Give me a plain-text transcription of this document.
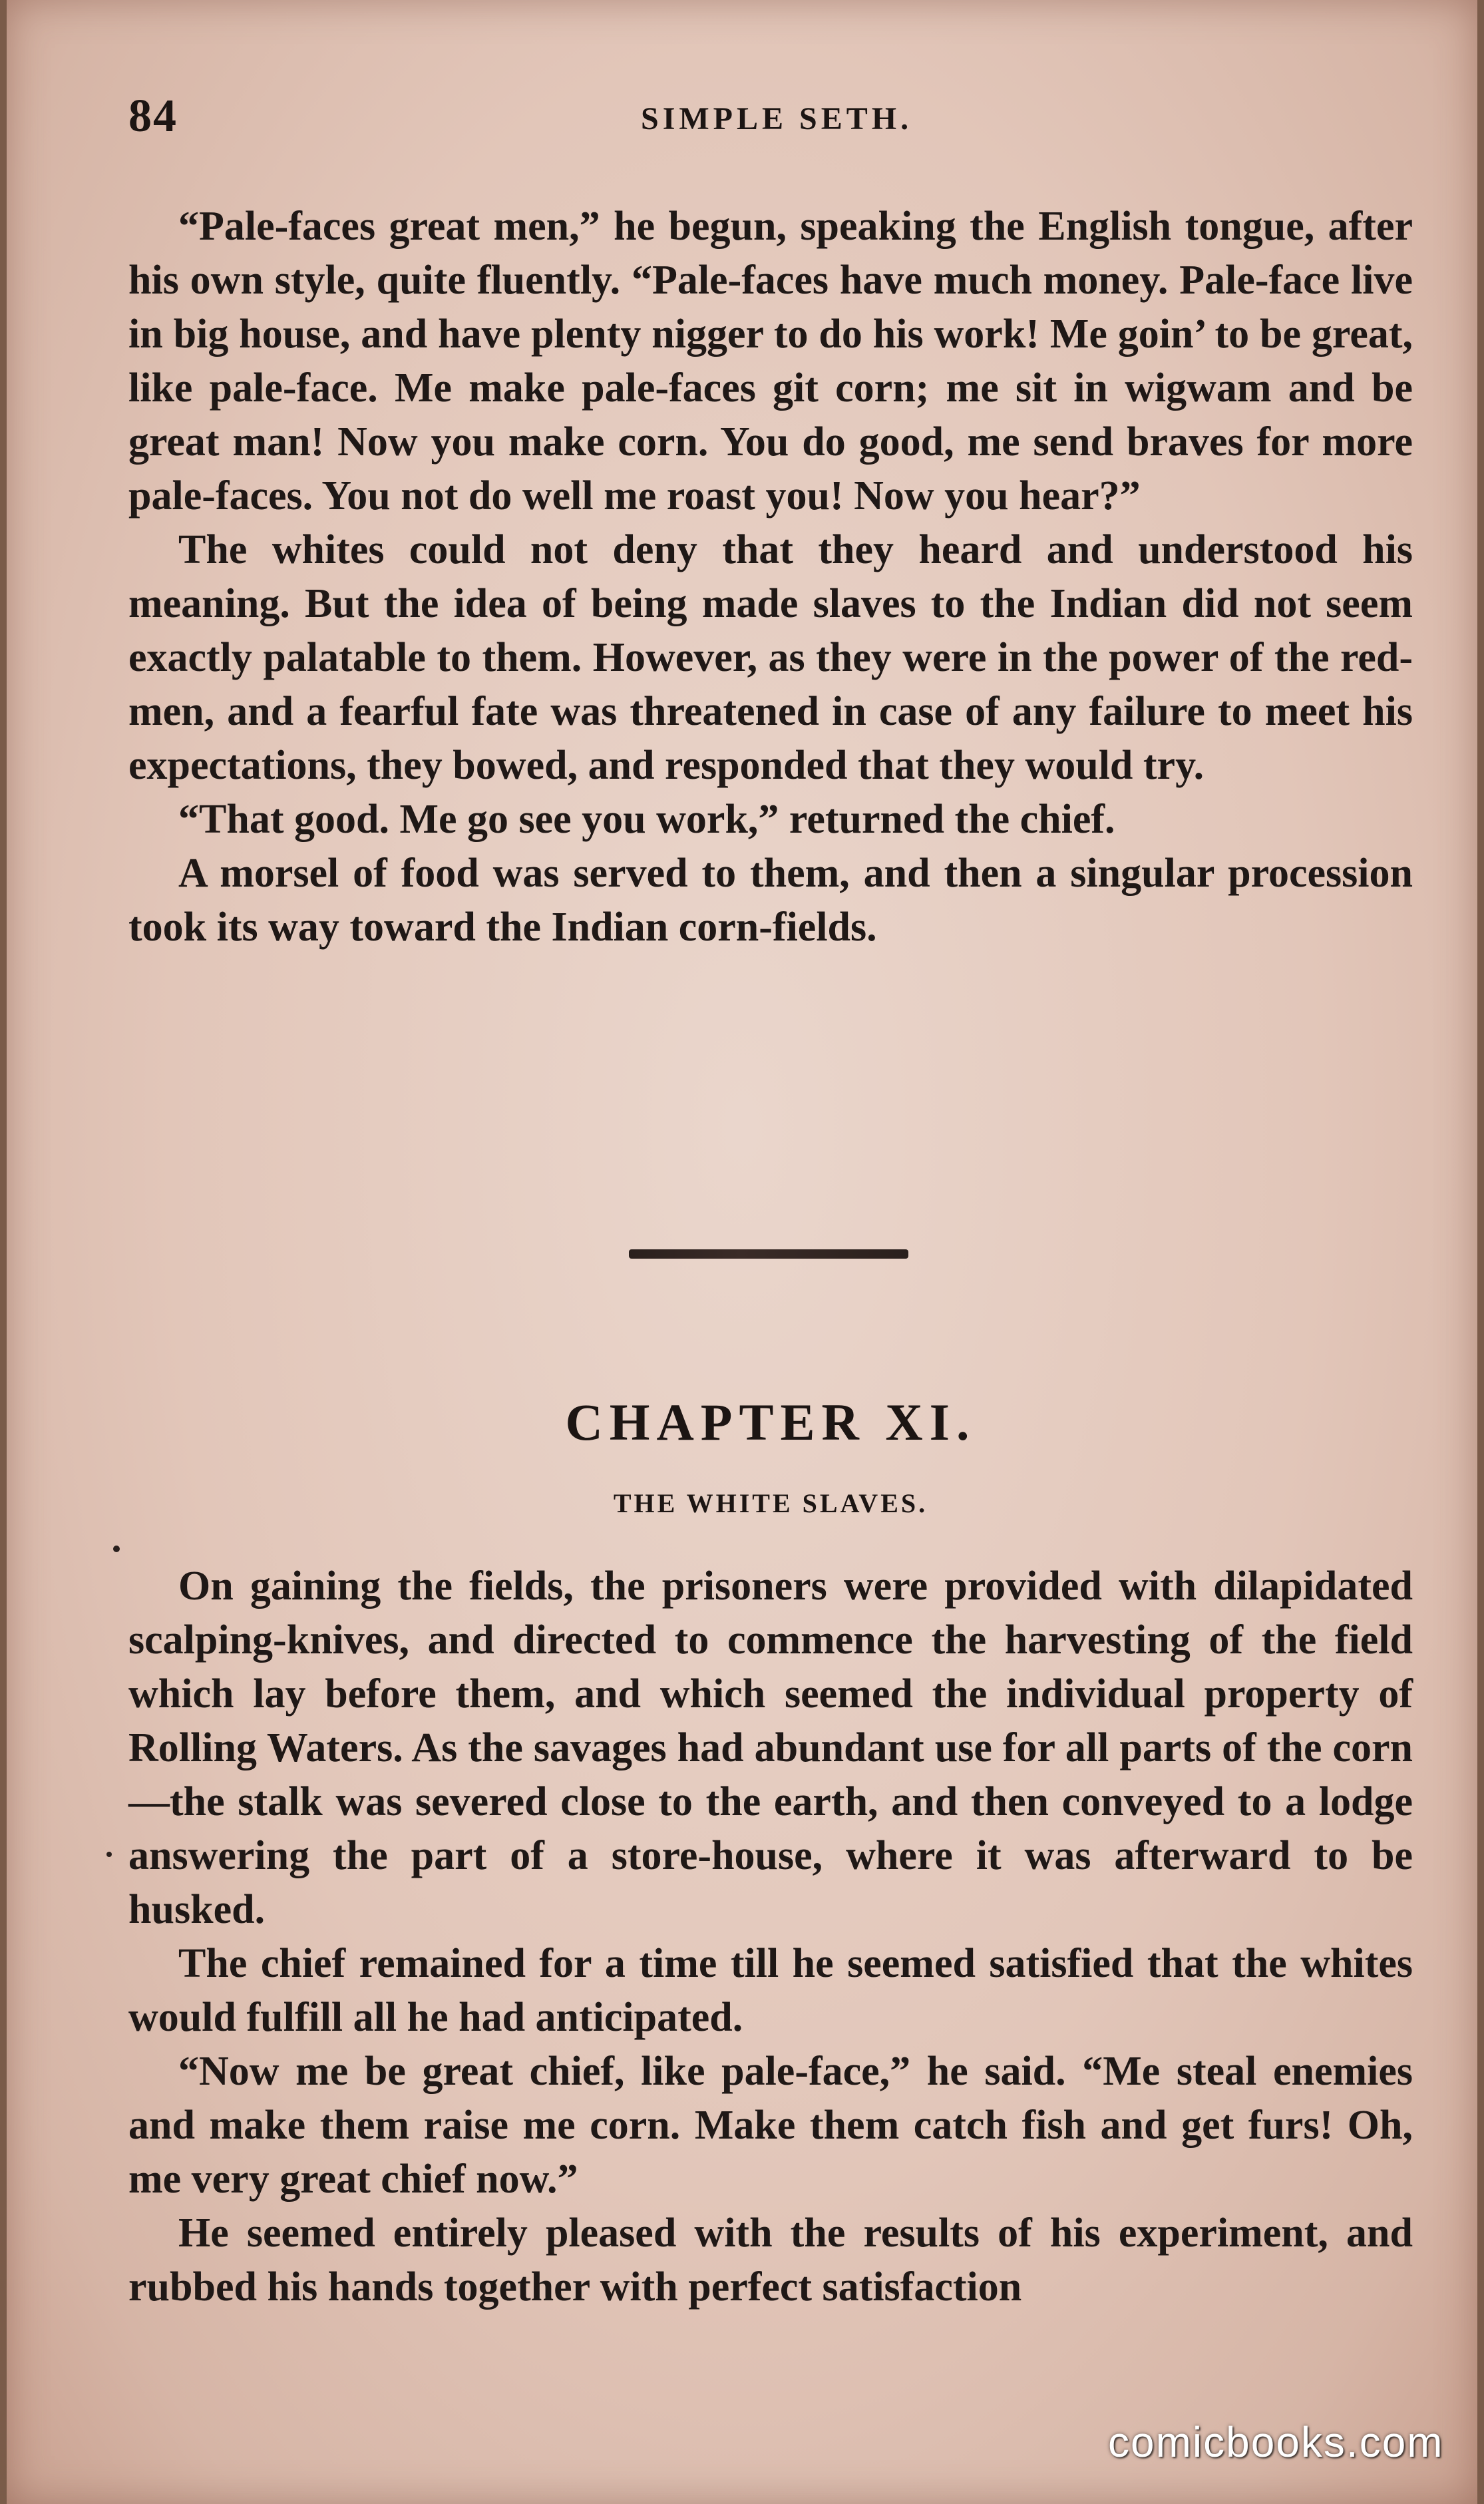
84	SIMPLE SETH.

“Pale-faces great men,” he begun, speaking the English tongue, after his own style, quite fluently. “Pale-faces have much money. Pale-face live in big house, and have plenty nigger to do his work! Me goin’ to be great, like pale-face. Me make pale-faces git corn; me sit in wigwam and be great man! Now you make corn. You do good, me send braves for more pale-faces. You not do well me roast you! Now you hear?”

The whites could not deny that they heard and understood his meaning. But the idea of being made slaves to the Indian did not seem exactly palatable to them. However, as they were in the power of the red-men, and a fearful fate was threatened in case of any failure to meet his expectations, they bowed, and responded that they would try.

“That good. Me go see you work,” returned the chief.

A morsel of food was served to them, and then a singular procession took its way toward the Indian corn-fields.

CHAPTER XI.
THE WHITE SLAVES.

On gaining the fields, the prisoners were provided with dilapidated scalping-knives, and directed to commence the harvesting of the field which lay before them, and which seemed the individual property of Rolling Waters. As the savages had abundant use for all parts of the corn—the stalk was severed close to the earth, and then conveyed to a lodge answering the part of a store-house, where it was afterward to be husked.

The chief remained for a time till he seemed satisfied that the whites would fulfill all he had anticipated.

“Now me be great chief, like pale-face,” he said. “Me steal enemies and make them raise me corn. Make them catch fish and get furs! Oh, me very great chief now.”

He seemed entirely pleased with the results of his experiment, and rubbed his hands together with perfect satisfaction

comicbooks.com
